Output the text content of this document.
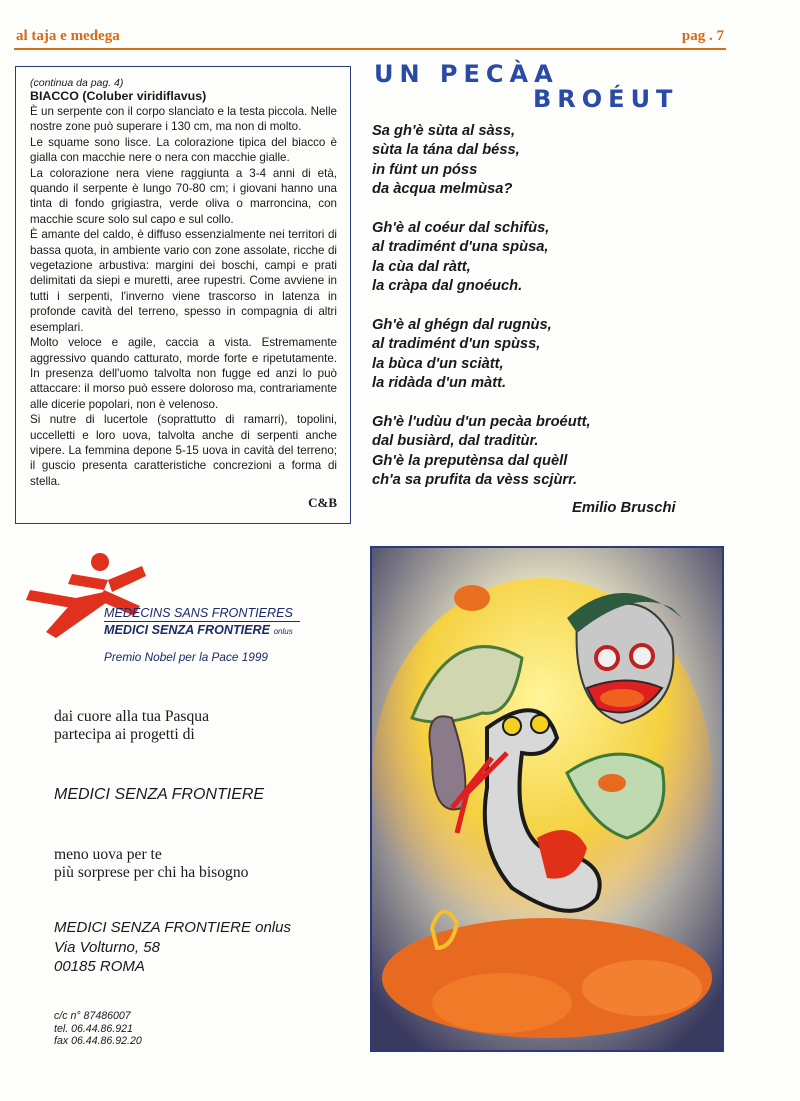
al taja e medega	pag . 7

(continua da pag. 4)

BIACCO (Coluber viridiflavus)

È un serpente con il corpo slanciato e la testa piccola. Nelle nostre zone può superare i 130 cm, ma non di molto.

Le squame sono lisce. La colorazione tipica del biacco è gialla con macchie nere o nera con macchie gialle.

La colorazione nera viene raggiunta a 3-4 anni di età, quando il serpente è lungo 70-80 cm; i giovani hanno una tinta di fondo grigiastra, verde oliva o marroncina, con macchie scure solo sul capo e sul collo.

È amante del caldo, è diffuso essenzialmente nei territori di bassa quota, in ambiente vario con zone assolate, ricche di vegetazione arbustiva: margini dei boschi, campi e prati delimitati da siepi e muretti, aree rupestri. Come avviene in tutti i serpenti, l'inverno viene trascorso in latenza in profonde cavità del terreno, spesso in compagnia di altri esemplari.

Molto veloce e agile, caccia a vista. Estremamente aggressivo quando catturato, morde forte e ripetutamente. In presenza dell'uomo talvolta non fugge ed anzi lo può attaccare: il morso può essere doloroso ma, contrariamente alle dicerie popolari, non è velenoso.

Si nutre di lucertole (soprattutto di ramarri), topolini, uccelletti e loro uova, talvolta anche di serpenti anche vipere. La femmina depone 5-15 uova in cavità del terreno; il guscio presenta caratteristiche concrezioni a forma di stella.

C&B
UN PECÀA
BROÉUT
Sa gh'è sùta al sàss,
sùta la tána dal béss,
in fünt un póss
da àcqua melmùsa?
Gh'è al coéur dal schifùs,
al tradimént d'una spùsa,
la cùa dal ràtt,
la cràpa dal gnoéuch.
Gh'è al ghégn dal rugnùs,
al tradimént d'un spùss,
la bùca d'un sciàtt,
la ridàda d'un màtt.
Gh'è l'udùu d'un pecàa broéutt,
dal busiàrd, dal traditùr.
Gh'è la preputènsa dal quèll
ch'a sa prufita da vèss scjùrr.
Emilio Bruschi
MEDECINS SANS FRONTIERES
MEDICI SENZA FRONTIERE onlus
Premio Nobel per la Pace 1999
dai cuore alla tua Pasqua
partecipa ai progetti di
MEDICI SENZA FRONTIERE
meno uova per te
più sorprese per chi ha bisogno
MEDICI SENZA FRONTIERE onlus
Via Volturno, 58
00185 ROMA
c/c n° 87486007
tel. 06.44.86.921
fax 06.44.86.92.20
